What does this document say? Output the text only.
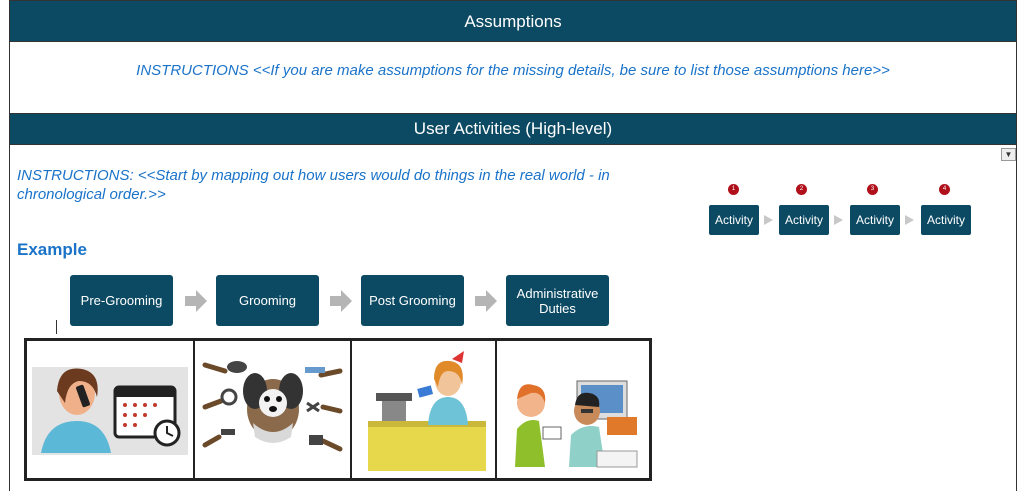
Assumptions
INSTRUCTIONS <<If you are make assumptions for the missing details, be sure to list those assumptions here>>
User Activities (High-level)
▼
INSTRUCTIONS: <<Start by mapping out how users would do things in the real world - in chronological order.>>	1
Activity
2
Activity
3
Activity
4
Activity
Example
Pre-Grooming	Grooming	Post Grooming	Administrative Duties
